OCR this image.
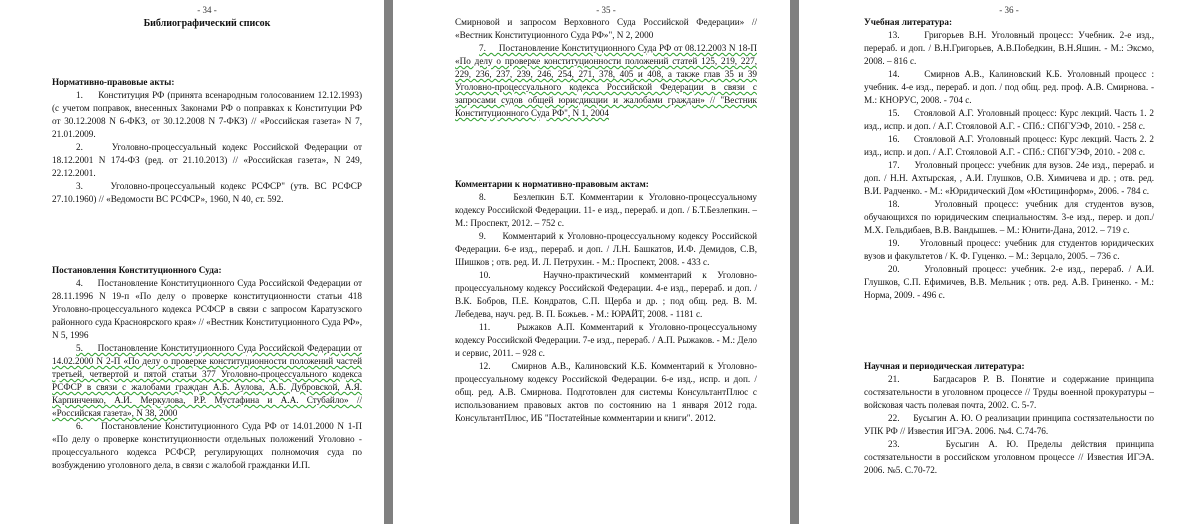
- 34 -
Библиографический список

Нормативно-правовые акты:

1.     Конституция РФ (принята всенародным голосованием 12.12.1993) (с учетом поправок, внесенных Законами РФ о поправках к Конституции РФ от 30.12.2008 N 6-ФКЗ, от 30.12.2008 N 7-ФКЗ) // «Российская газета» N 7, 21.01.2009.

2.     Уголовно-процессуальный кодекс Российской Федерации от 18.12.2001 N 174-ФЗ (ред. от 21.10.2013) // «Российская газета», N 249, 22.12.2001.

3.     Уголовно-процессуальный кодекс РСФСР" (утв. ВС РСФСР 27.10.1960) // «Ведомости ВС РСФСР», 1960, N 40, ст. 592.

Постановления Конституционного Суда:

4.     Постановление Конституционного Суда Российской Федерации от 28.11.1996 N 19-п «По делу о проверке конституционности статьи 418 Уголовно-процессуального кодекса РСФСР в связи с запросом Каратузского районного суда Красноярского края» // «Вестник Конституционного Суда РФ», N 5, 1996

5.     Постановление Конституционного Суда Российской Федерации от 14.02.2000 N 2-П «По делу о проверке конституционности положений частей третьей, четвертой и пятой статьи 377 Уголовно-процессуального кодекса РСФСР в связи с жалобами граждан А.Б. Аулова, А.Б. Дубровской, А.Я. Карпинченко, А.И. Меркулова, Р.Р. Мустафина и А.А. Стубайло» // «Российская газета», N 38, 2000

6.     Постановление Конституционного Суда РФ от 14.01.2000 N 1-П «По делу о проверке конституционности отдельных положений Уголовно - процессуального кодекса РСФСР, регулирующих полномочия суда по возбуждению уголовного дела, в связи с жалобой гражданки И.П.

- 35 -

Смирновой и запросом Верховного Суда Российской Федерации» // «Вестник Конституционного Суда РФ»", N 2, 2000

7.     Постановление Конституционного Суда РФ от 08.12.2003 N 18-П «По делу о проверке конституционности положений статей 125, 219, 227, 229, 236, 237, 239, 246, 254, 271, 378, 405 и 408, а также глав 35 и 39 Уголовно-процессуального кодекса Российской Федерации в связи с запросами судов общей юрисдикции и жалобами граждан» // "Вестник Конституционного Суда РФ", N 1, 2004

Комментарии к нормативно-правовым актам:

8.     Безлепкин Б.Т. Комментарии к Уголовно-процессуальному кодексу Российской Федерации. 11- е изд., перераб. и доп. / Б.Т.Безлепкин. – М.: Проспект, 2012. – 752 с.

9.     Комментарий к Уголовно-процессуальному кодексу Российской Федерации. 6-е изд., перераб. и доп. / Л.Н. Башкатов, И.Ф. Демидов, С.В, Шишков ; отв. ред. И. Л. Петрухин. - М.: Проспект, 2008. - 433 с.

10.     Научно-практический комментарий к Уголовно-процессуальному кодексу Российской Федерации. 4-е изд., перераб. и доп. / В.К. Бобров, П.Е. Кондратов, С.П. Щерба и др. ; под общ. ред. В. М. Лебедева, науч. ред. В. П. Божьев. - М.: ЮРАЙТ, 2008. - 1181 с.

11.     Рыжаков А.П. Комментарий к Уголовно-процессуальному кодексу Российской Федерации. 7-е изд., перераб. / А.П. Рыжаков. - М.: Дело и сервис, 2011. – 928 с.

12.     Смирнов А.В., Калиновский К.Б. Комментарий к Уголовно-процессуальному кодексу Российской Федерации. 6-е изд., испр. и доп. / общ. ред. А.В. Смирнова. Подготовлен для системы КонсультантПлюс с использованием правовых актов по состоянию на 1 января 2012 года. КонсультантПлюс, ИБ "Постатейные комментарии и книги". 2012.

- 36 -

Учебная литература:

13.     Григорьев В.Н. Уголовный процесс: Учебник. 2-е изд., перераб. и доп. / В.Н.Григорьев, А.В.Победкин, В.Н.Яшин. - М.: Эксмо, 2008. – 816 с.

14.     Смирнов А.В., Калиновский К.Б. Уголовный процесс : учебник. 4-е изд., перераб. и доп. / под общ. ред. проф. А.В. Смирнова. - М.: КНОРУС, 2008. - 704 с.

15.     Стояловой А.Г. Уголовный процесс: Курс лекций. Часть 1. 2 изд., испр. и доп. / А.Г. Стояловой А.Г. - СПб.: СПбГУЭФ, 2010. - 258 с.

16.     Стояловой А.Г. Уголовный процесс: Курс лекций. Часть 2. 2 изд., испр. и доп. / А.Г. Стояловой А.Г. - СПб.: СПбГУЭФ, 2010. - 208 с.

17.     Уголовный процесс: учебник для вузов. 24е изд., перераб. и доп. / Н.Н. Ахтырская, , А.И. Глушков, О.В. Химичева и др. ; отв. ред. В.И. Радченко. - М.: «Юридический Дом «Юстицинформ», 2006. - 784 с.

18.     Уголовный процесс: учебник для студентов вузов, обучающихся по юридическим специальностям. 3-е изд., перер. и доп./ М.Х. Гельдибаев, В.В. Вандышев. – М.: Юнити-Дана, 2012. – 719 с.

19.     Уголовный процесс: учебник для студентов юридических вузов и факультетов / К. Ф. Гуценко. – М.: Зерцало, 2005. – 736 с.

20.     Уголовный процесс: учебник. 2-е изд., перераб. / А.И. Глушков, С.П. Ефимичев, В.В. Мельник ; отв. ред. А.В. Гриненко. - М.: Норма, 2009. - 496 с.

Научная и периодическая литература:

21.     Багдасаров Р. В. Понятие и содержание принципа состязательности в уголовном процессе // Труды военной прокуратуры – войсковая часть полевая почта, 2002. С. 5-7.

22.     Бусыгин А. Ю. О реализации принципа состязательности по УПК РФ // Известия ИГЭА. 2006. №4. С.74-76.

23.     Бусыгин А. Ю. Пределы действия принципа состязательности в российском уголовном процессе // Известия ИГЭА. 2006. №5. С.70-72.
